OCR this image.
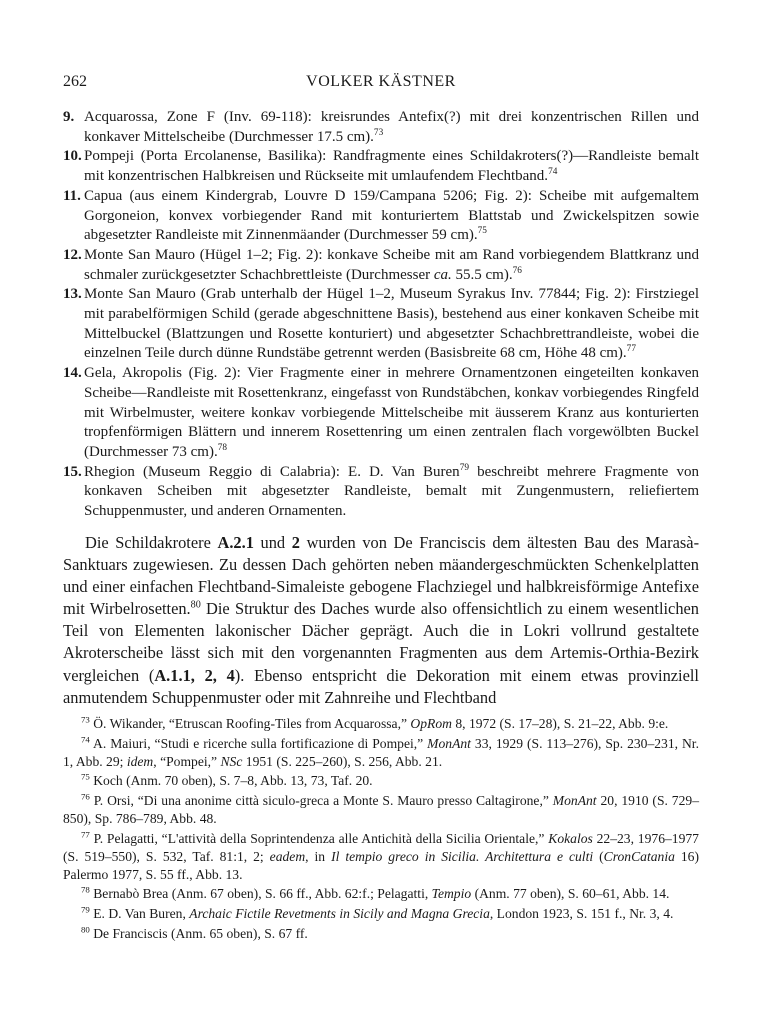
262	VOLKER KÄSTNER

9. Acquarossa, Zone F (Inv. 69-118): kreisrundes Antefix(?) mit drei konzentrischen Rillen und konkaver Mittelscheibe (Durchmesser 17.5 cm).$^{73}$

10. Pompeji (Porta Ercolanense, Basilika): Randfragmente eines Schildakroters(?)—Randleiste bemalt mit konzentrischen Halbkreisen und Rückseite mit umlaufendem Flechtband.$^{74}$

11. Capua (aus einem Kindergrab, Louvre D 159/Campana 5206; Fig. 2): Scheibe mit aufgemaltem Gorgoneion, konvex vorbiegender Rand mit konturiertem Blattstab und Zwickelspitzen sowie abgesetzter Randleiste mit Zinnenmäander (Durchmesser 59 cm).$^{75}$

12. Monte San Mauro (Hügel 1–2; Fig. 2): konkave Scheibe mit am Rand vorbiegendem Blattkranz und schmaler zurückgesetzter Schachbrettleiste (Durchmesser ca. 55.5 cm).$^{76}$

13. Monte San Mauro (Grab unterhalb der Hügel 1–2, Museum Syrakus Inv. 77844; Fig. 2): Firstziegel mit parabelförmigen Schild (gerade abgeschnittene Basis), bestehend aus einer konkaven Scheibe mit Mittelbuckel (Blattzungen und Rosette konturiert) und abgesetzter Schachbrettrandleiste, wobei die einzelnen Teile durch dünne Rundstäbe getrennt werden (Basisbreite 68 cm, Höhe 48 cm).$^{77}$

14. Gela, Akropolis (Fig. 2): Vier Fragmente einer in mehrere Ornamentzonen eingeteilten konkaven Scheibe—Randleiste mit Rosettenkranz, eingefasst von Rundstäbchen, konkav vorbiegendes Ringfeld mit Wirbelmuster, weitere konkav vorbiegende Mittelscheibe mit äusserem Kranz aus konturierten tropfenförmigen Blättern und innerem Rosettenring um einen zentralen flach vorgewölbten Buckel (Durchmesser 73 cm).$^{78}$

15. Rhegion (Museum Reggio di Calabria): E. D. Van Buren$^{79}$ beschreibt mehrere Fragmente von konkaven Scheiben mit abgesetzter Randleiste, bemalt mit Zungenmustern, reliefiertem Schuppenmuster, und anderen Ornamenten.

Die Schildakrotere A.2.1 und 2 wurden von De Franciscis dem ältesten Bau des Marasà-Sanktuars zugewiesen. Zu dessen Dach gehörten neben mäandergeschmückten Schenkelplatten und einer einfachen Flechtband-Simaleiste gebogene Flachziegel und halbkreisförmige Antefixe mit Wirbelrosetten.$^{80}$ Die Struktur des Daches wurde also offensichtlich zu einem wesentlichen Teil von Elementen lakonischer Dächer geprägt. Auch die in Lokri vollrund gestaltete Akroterscheibe lässt sich mit den vorgenannten Fragmenten aus dem Artemis-Orthia-Bezirk vergleichen (A.1.1, 2, 4). Ebenso entspricht die Dekoration mit einem etwas provinziell anmutendem Schuppenmuster oder mit Zahnreihe und Flechtband

$^{73}$ Ö. Wikander, “Etruscan Roofing-Tiles from Acquarossa,” OpRom 8, 1972 (S. 17–28), S. 21–22, Abb. 9:e.

$^{74}$ A. Maiuri, “Studi e ricerche sulla fortificazione di Pompei,” MonAnt 33, 1929 (S. 113–276), Sp. 230–231, Nr. 1, Abb. 29; idem, “Pompei,” NSc 1951 (S. 225–260), S. 256, Abb. 21.

$^{75}$ Koch (Anm. 70 oben), S. 7–8, Abb. 13, 73, Taf. 20.

$^{76}$ P. Orsi, “Di una anonime città siculo-greca a Monte S. Mauro presso Caltagirone,” MonAnt 20, 1910 (S. 729–850), Sp. 786–789, Abb. 48.

$^{77}$ P. Pelagatti, “L'attività della Soprintendenza alle Antichità della Sicilia Orientale,” Kokalos 22–23, 1976–1977 (S. 519–550), S. 532, Taf. 81:1, 2; eadem, in Il tempio greco in Sicilia. Architettura e culti (CronCatania 16) Palermo 1977, S. 55 ff., Abb. 13.

$^{78}$ Bernabò Brea (Anm. 67 oben), S. 66 ff., Abb. 62:f.; Pelagatti, Tempio (Anm. 77 oben), S. 60–61, Abb. 14.

$^{79}$ E. D. Van Buren, Archaic Fictile Revetments in Sicily and Magna Grecia, London 1923, S. 151 f., Nr. 3, 4.

$^{80}$ De Franciscis (Anm. 65 oben), S. 67 ff.
